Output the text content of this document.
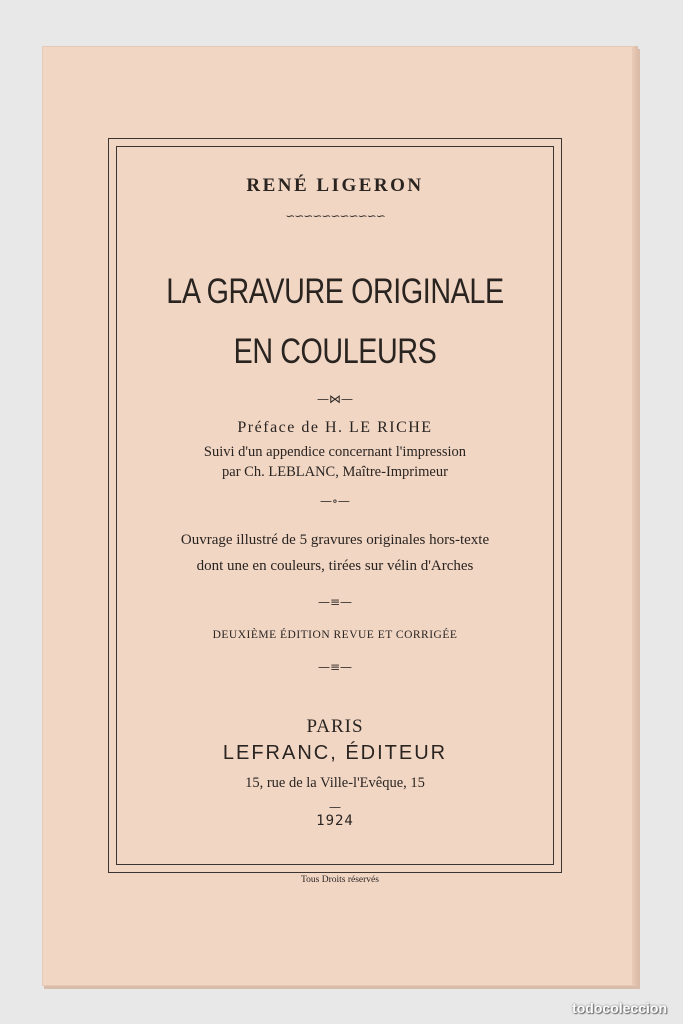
RENÉ LIGERON
∽∽∽∽∽∽∽∽∽∽∽
LA GRAVURE ORIGINALE
EN COULEURS
—⋈—
Préface de H. LE RICHE
Suivi d'un appendice concernant l'impression
par Ch. LEBLANC, Maître-Imprimeur
—∘—
Ouvrage illustré de 5 gravures originales hors-texte
dont une en couleurs, tirées sur vélin d'Arches
—≡—
DEUXIÈME ÉDITION REVUE ET CORRIGÉE
—≡—
PARIS
LEFRANC, ÉDITEUR
15, rue de la Ville-l'Evêque, 15
—
1924
Tous Droits réservés
todocoleccion
